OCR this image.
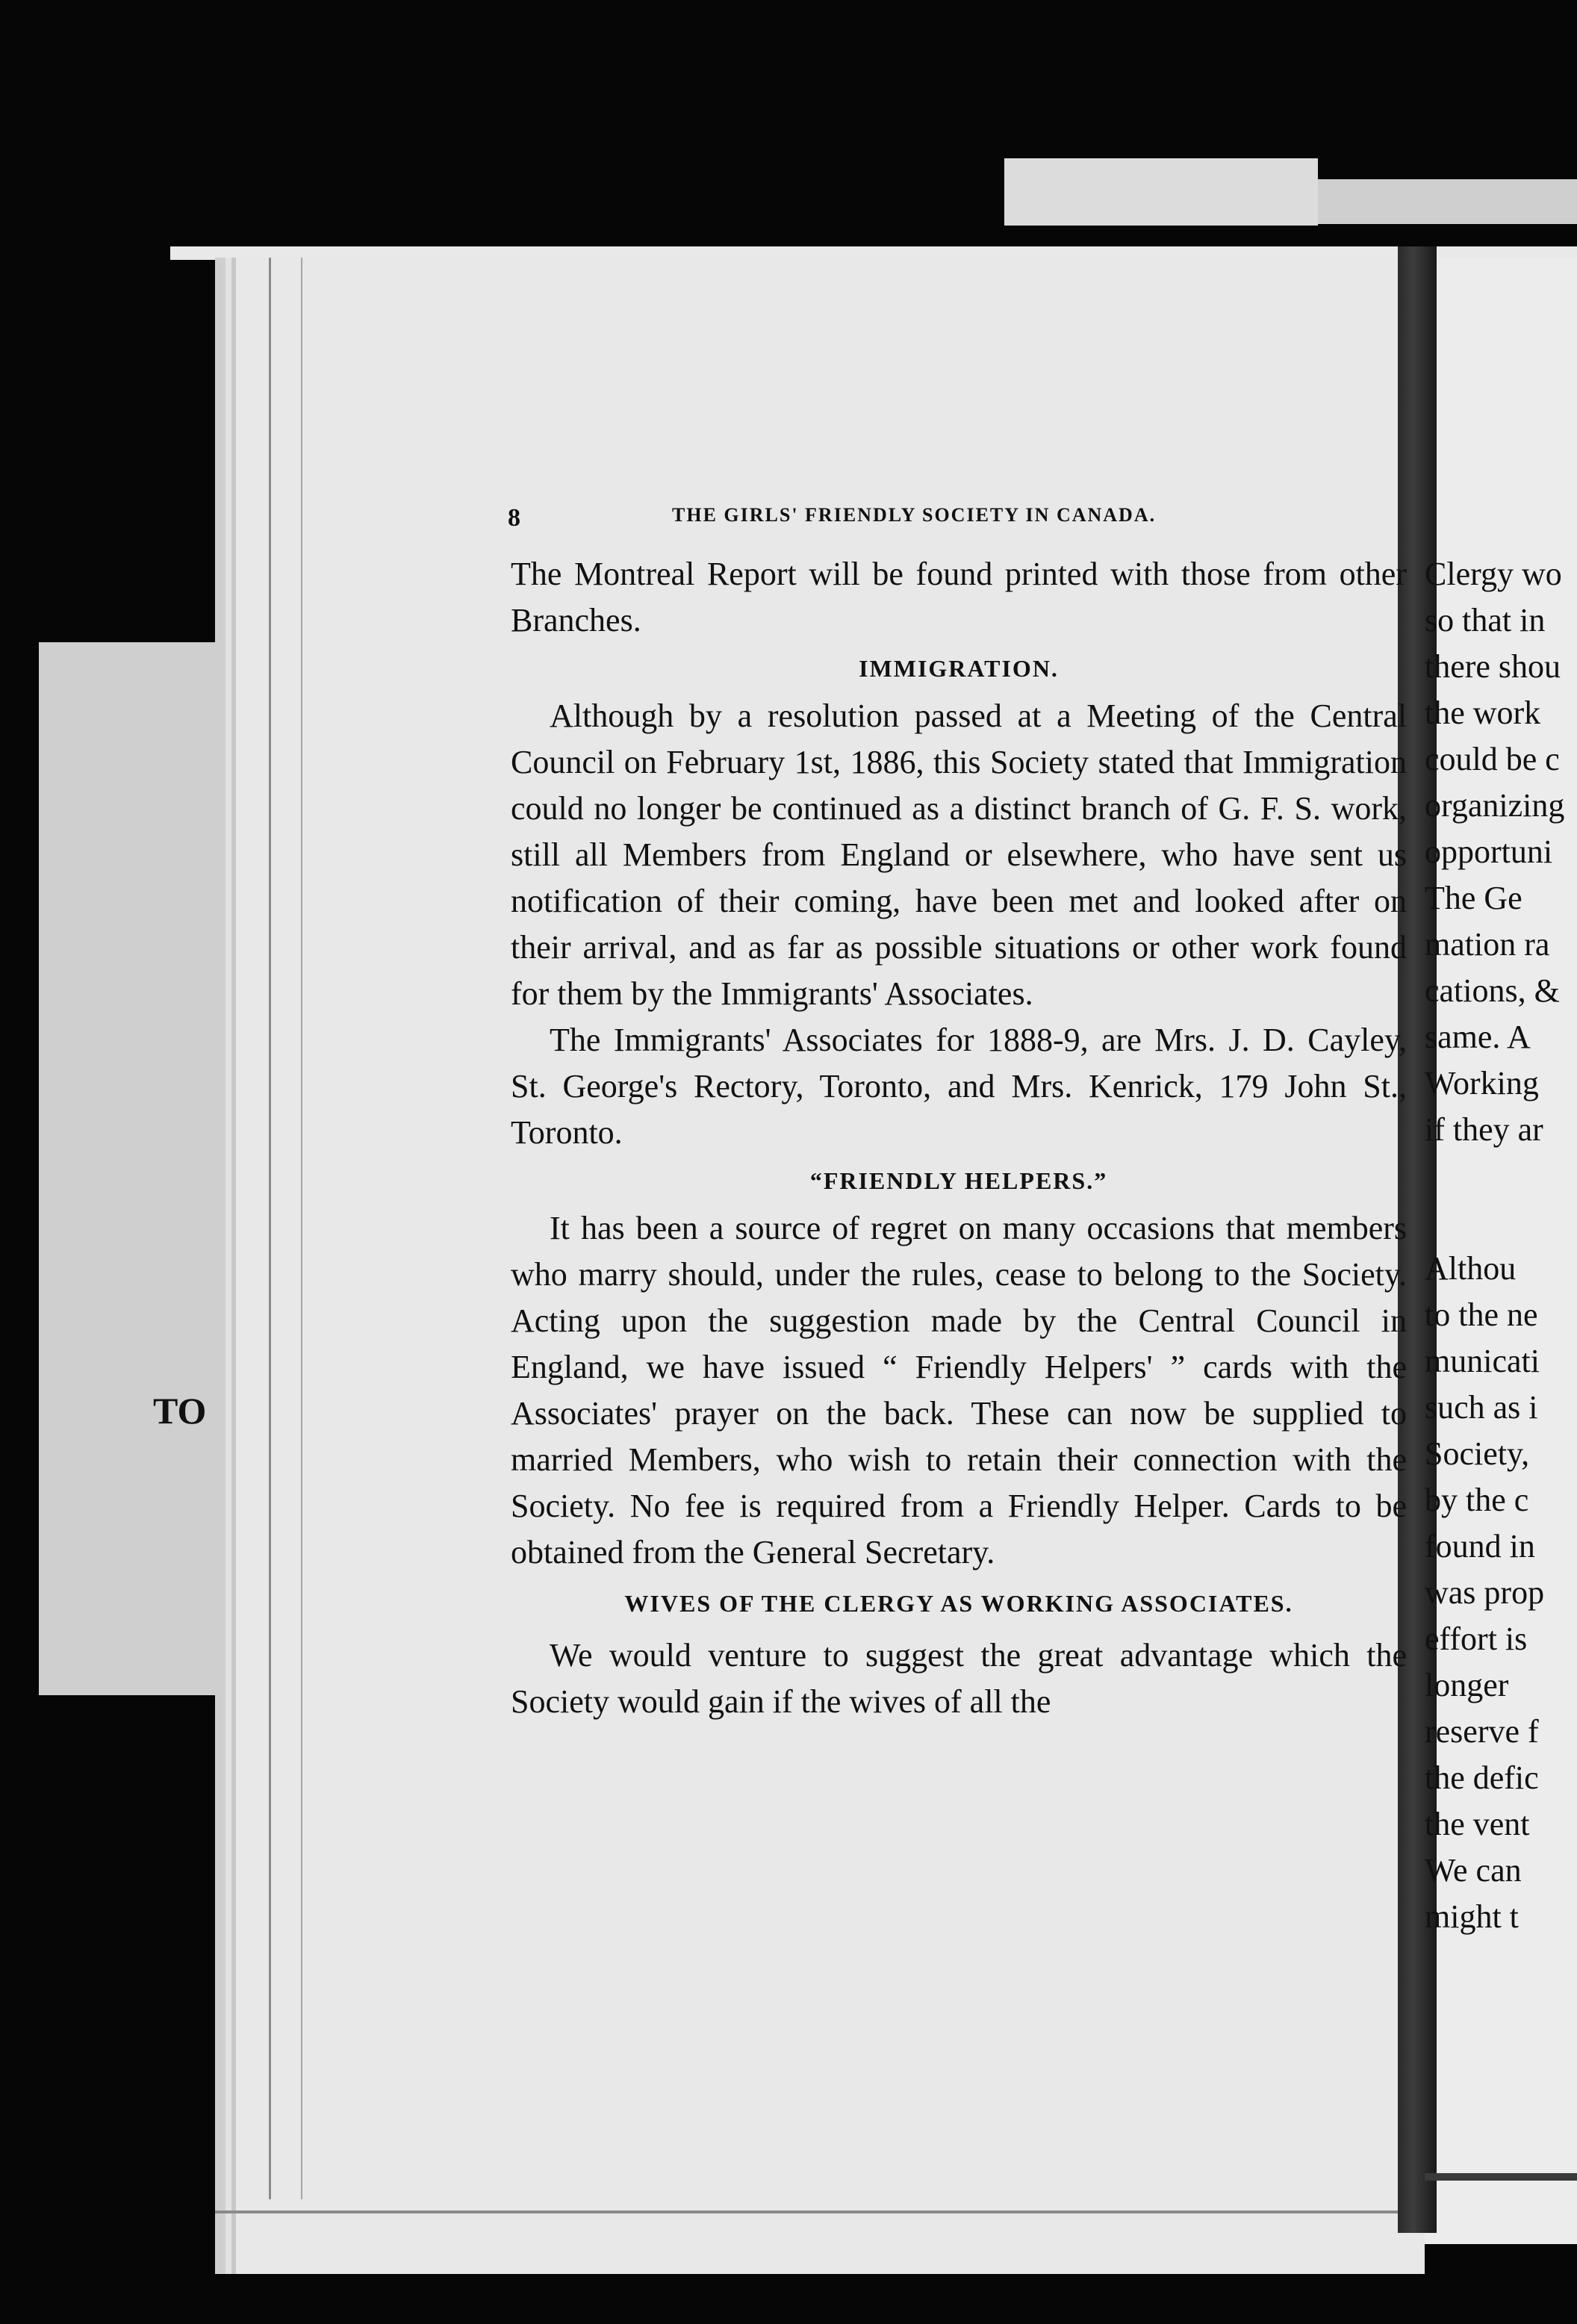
TO
8	THE GIRLS' FRIENDLY SOCIETY IN CANADA.

The Montreal Report will be found printed with those from other Branches.

IMMIGRATION.

Although by a resolution passed at a Meeting of the Central Council on February 1st, 1886, this Society stated that Immigration could no longer be continued as a distinct branch of G. F. S. work, still all Members from England or elsewhere, who have sent us notification of their coming, have been met and looked after on their arrival, and as far as possible situations or other work found for them by the Immigrants' Associates.

The Immigrants' Associates for 1888-9, are Mrs. J. D. Cayley, St. George's Rectory, Toronto, and Mrs. Kenrick, 179 John St., Toronto.

“FRIENDLY HELPERS.”

It has been a source of regret on many occasions that members who marry should, under the rules, cease to belong to the Society. Acting upon the suggestion made by the Central Council in England, we have issued “ Friendly Helpers' ” cards with the Associates' prayer on the back. These can now be supplied to married Members, who wish to retain their connection with the Society. No fee is required from a Friendly Helper. Cards to be obtained from the General Secretary.

WIVES OF THE CLERGY AS WORKING ASSOCIATES.

We would venture to suggest the great advantage which the Society would gain if the wives of all the

Clergy wo
so that in
there shou
the work
could be c
organizing
opportuni
The Ge
mation ra
cations, &
same. A
Working
if they ar
Althou
to the ne
municati
such as i
Society,
by the c
found in
was prop
effort is
longer
reserve f
the defic
the vent
We can
might t
